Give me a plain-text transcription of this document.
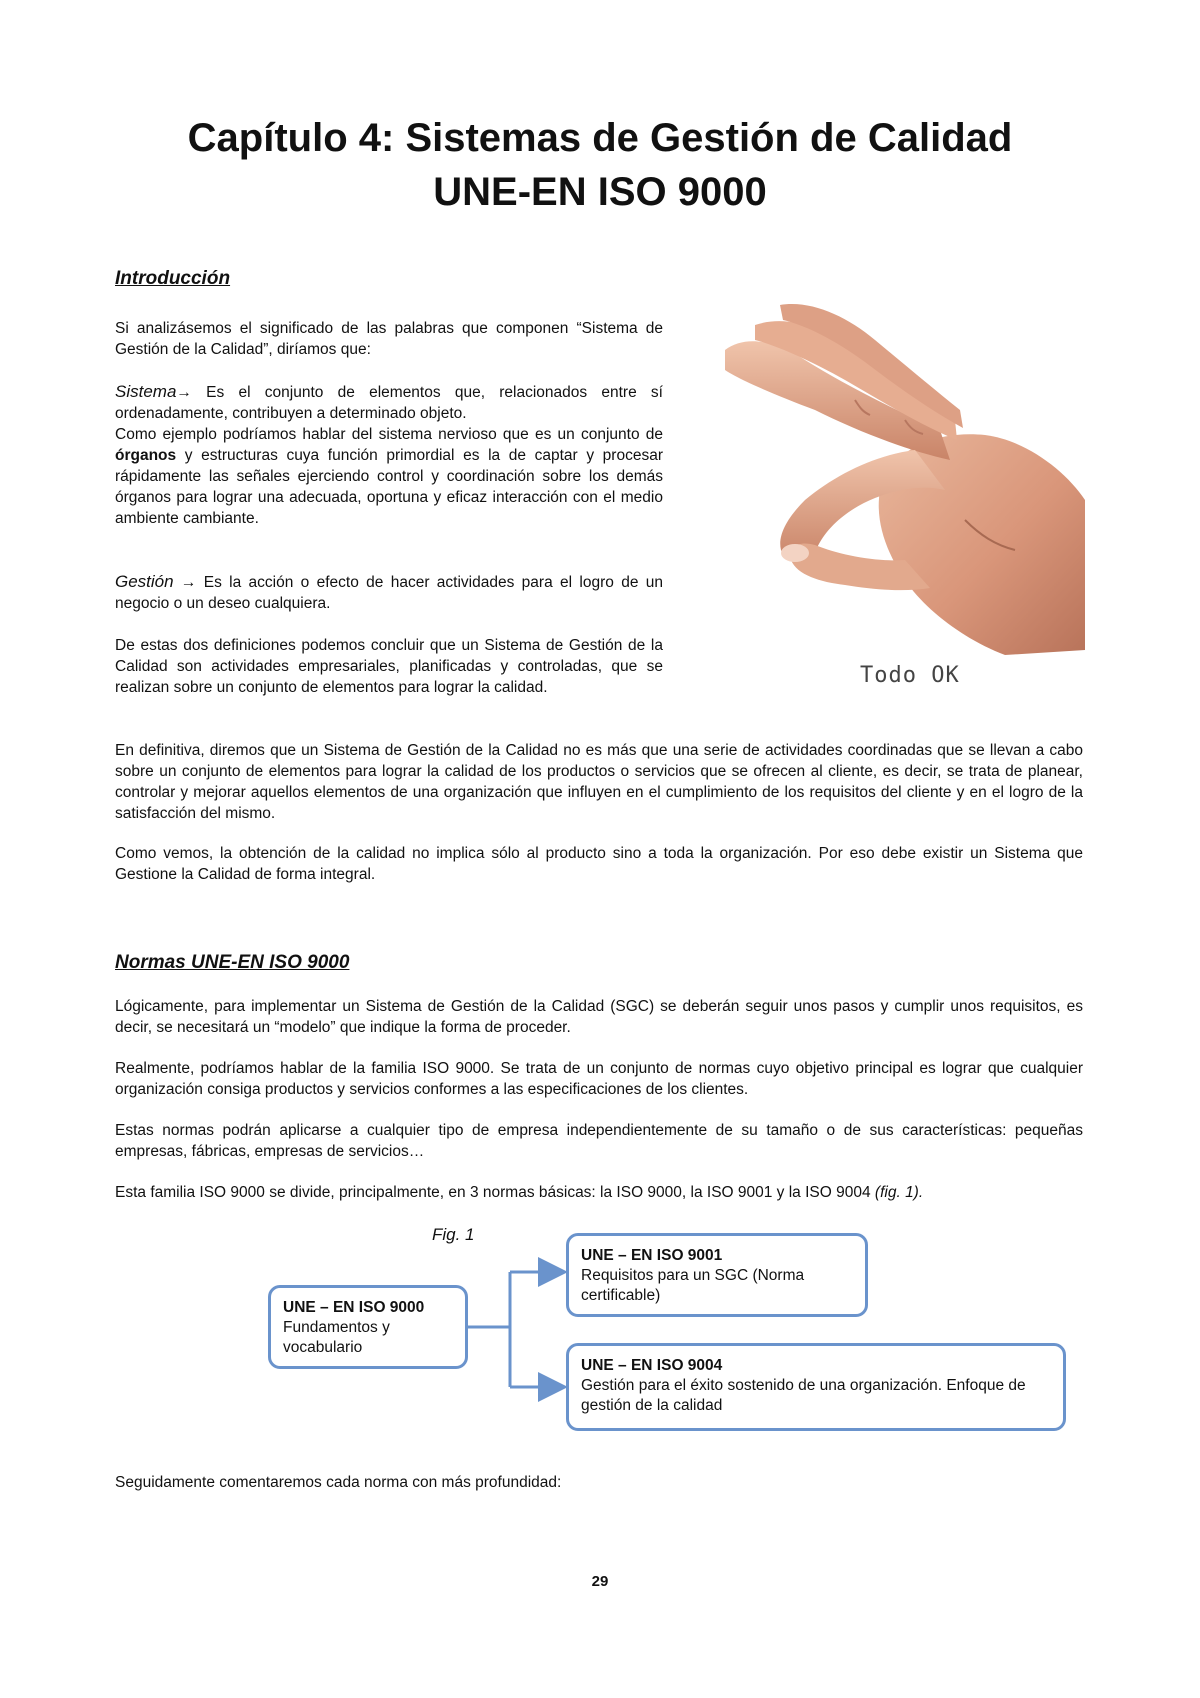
Capítulo 4: Sistemas de Gestión de Calidad
UNE-EN ISO 9000
Introducción
Si analizásemos el significado de las palabras que componen “Sistema de Gestión de la Calidad”, diríamos que:
Sistema→ Es el conjunto de elementos que, relacionados entre sí ordenadamente, contribuyen a determinado objeto.
Como ejemplo podríamos hablar del sistema nervioso que es un conjunto de órganos y estructuras cuya función primordial es la de captar y procesar rápidamente las señales ejerciendo control y coordinación sobre los demás órganos para lograr una adecuada, oportuna y eficaz interacción con el medio ambiente cambiante.
Gestión → Es la acción o efecto de hacer actividades para el logro de un negocio o un deseo cualquiera.
De estas dos definiciones podemos concluir que un Sistema de Gestión de la Calidad son actividades empresariales, planificadas y controladas, que se realizan sobre un conjunto de elementos para lograr la calidad.	Todo OK
En definitiva, diremos que un Sistema de Gestión de la Calidad no es más que una serie de actividades coordinadas que se llevan a cabo sobre un conjunto de elementos para lograr la calidad de los productos o servicios que se ofrecen al cliente, es decir, se trata de planear, controlar y mejorar aquellos elementos de una organización que influyen en el cumplimiento de los requisitos del cliente y en el logro de la satisfacción del mismo.
Como vemos, la obtención de la calidad no implica sólo al producto sino a toda la organización. Por eso debe existir un Sistema que Gestione la Calidad de forma integral.
Normas UNE-EN ISO 9000
Lógicamente, para implementar un Sistema de Gestión de la Calidad (SGC) se deberán seguir unos pasos y cumplir unos requisitos, es decir, se necesitará un “modelo” que indique la forma de proceder.
Realmente, podríamos hablar de la familia ISO 9000. Se trata de un conjunto de normas cuyo objetivo principal es lograr que cualquier organización consiga productos y servicios conformes a las especificaciones de los clientes.
Estas normas podrán aplicarse a cualquier tipo de empresa independientemente de su tamaño o de sus características: pequeñas empresas, fábricas, empresas de servicios…
Esta familia ISO 9000 se divide, principalmente, en 3 normas básicas: la ISO 9000, la ISO 9001 y la ISO 9004 (fig. 1).
Fig. 1
UNE – EN ISO 9000
Fundamentos y vocabulario
UNE – EN ISO 9001
Requisitos para un SGC (Norma certificable)
UNE – EN ISO 9004
Gestión para el éxito sostenido de una organización. Enfoque de gestión de la calidad
Seguidamente comentaremos cada norma con más profundidad:
29
